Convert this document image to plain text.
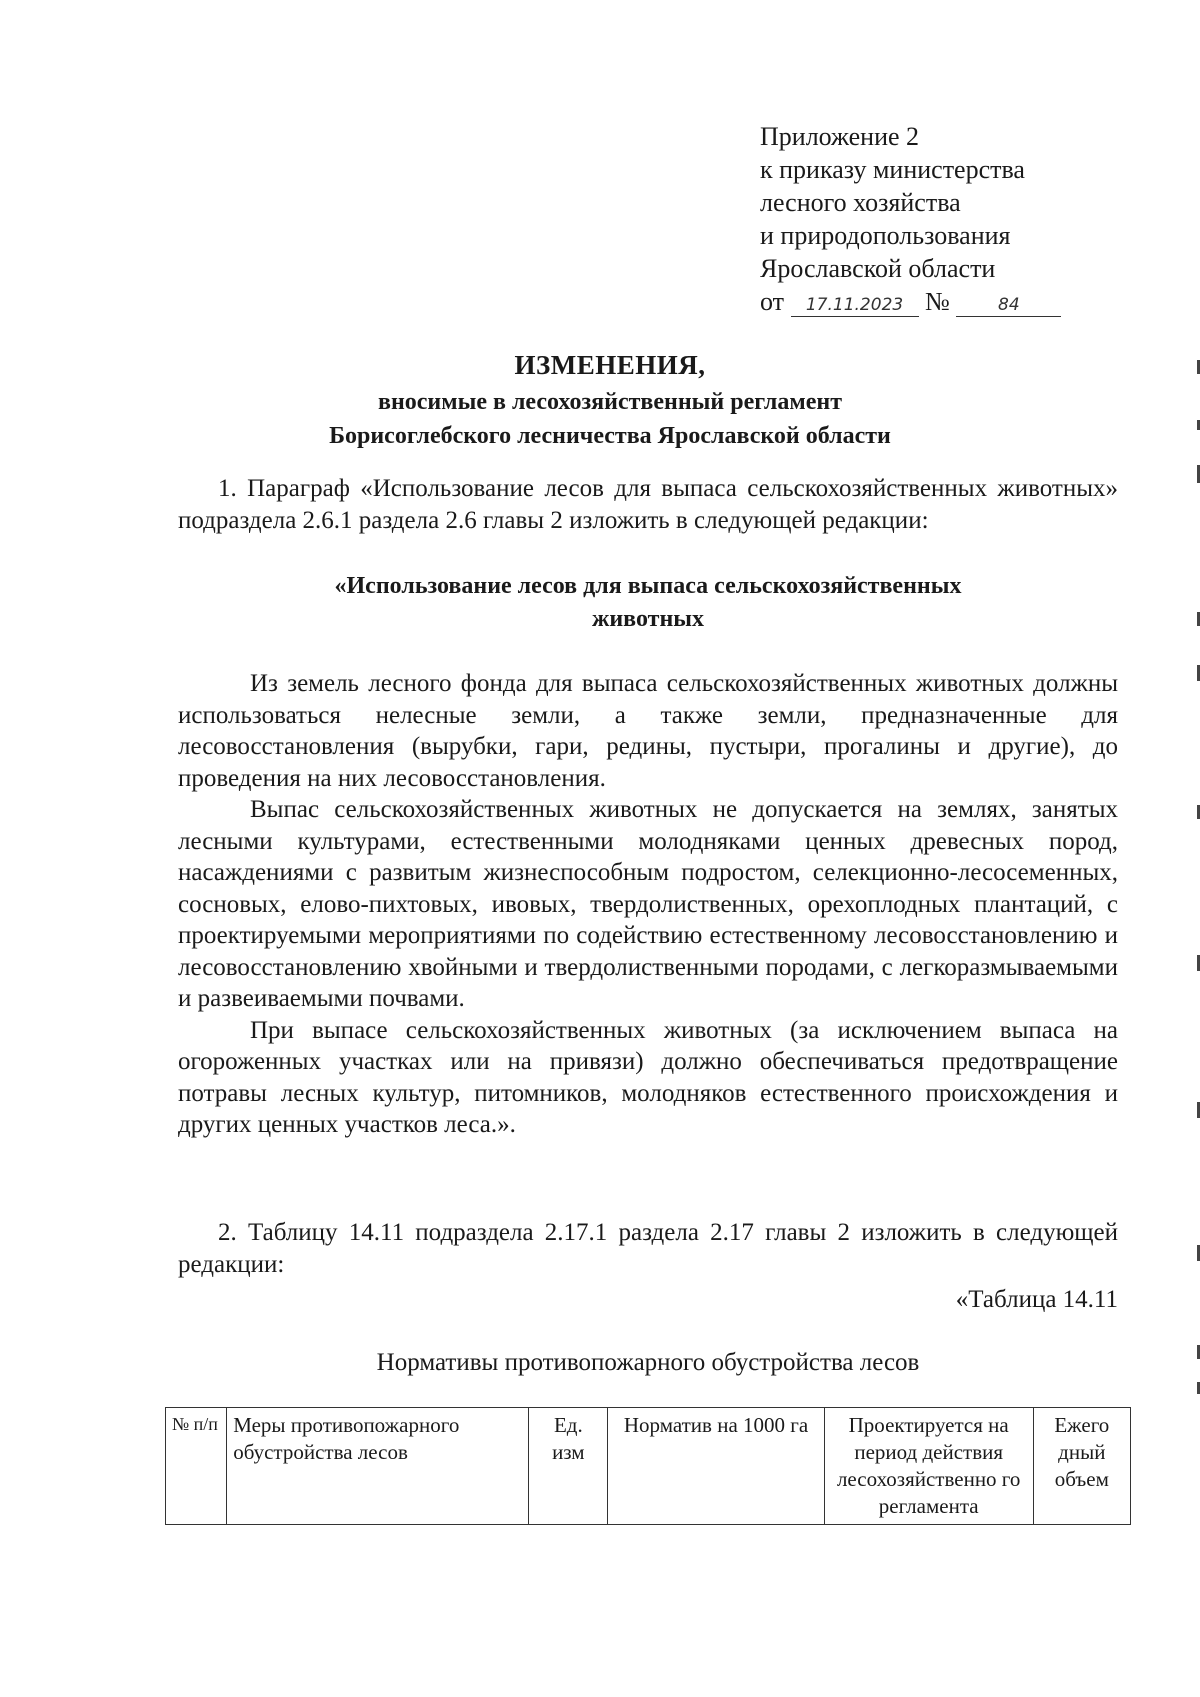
Приложение 2
к приказу министерства
лесного хозяйства
и природопользования
Ярославской области
от 17.11.2023 №	84
ИЗМЕНЕНИЯ,
вносимые в лесохозяйственный регламент
Борисоглебского лесничества Ярославской области

1. Параграф «Использование лесов для выпаса сельскохозяйственных животных» подраздела 2.6.1 раздела 2.6 главы 2 изложить в следующей редакции:

«Использование лесов для выпаса сельскохозяйственных
животных

Из земель лесного фонда для выпаса сельскохозяйственных животных должны использоваться нелесные земли, а также земли, предназначенные для лесовосстановления (вырубки, гари, редины, пустыри, прогалины и другие), до проведения на них лесовосстановления.

Выпас сельскохозяйственных животных не допускается на землях, занятых лесными культурами, естественными молодняками ценных древесных пород, насаждениями с развитым жизнеспособным подростом, селекционно-лесосеменных, сосновых, елово-пихтовых, ивовых, твердолиственных, орехоплодных плантаций, с проектируемыми мероприятиями по содействию естественному лесовосстановлению и лесовосстановлению хвойными и твердолиственными породами, с легкоразмываемыми и развеиваемыми почвами.

При выпасе сельскохозяйственных животных (за исключением выпаса на огороженных участках или на привязи) должно обеспечиваться предотвращение потравы лесных культур, питомников, молодняков естественного происхождения и других ценных участков леса.».

2. Таблицу 14.11 подраздела 2.17.1 раздела 2.17 главы 2 изложить в следующей редакции:

«Таблица 14.11
Нормативы противопожарного обустройства лесов
№ п/п	Меры противопожарного обустройства лесов	Ед. изм	Норматив на 1000 га	Проектируется на период действия лесохозяйственно го регламента	Ежего дный объем
